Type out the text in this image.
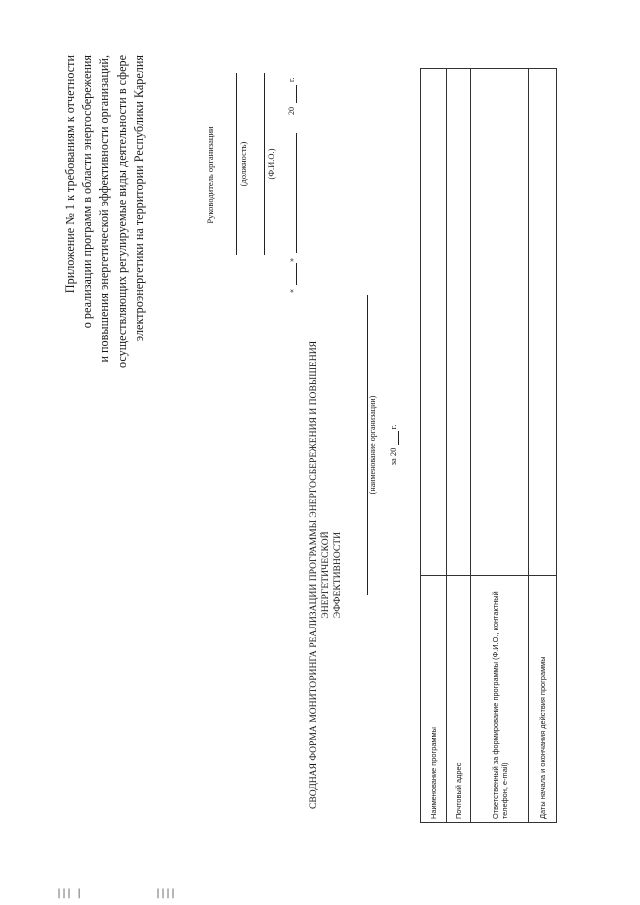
Приложение № 1 к требованиям к отчетности о реализации программ в области энергосбережения и повышения энергетической эффективности организаций, осуществляющих регулируемые виды деятельности в сфере электроэнергетики на территории Республики Карелия	Руководитель организации	(должность) (Ф.И.О.)
«
»
20
г.
СВОДНАЯ ФОРМА МОНИТОРИНГА РЕАЛИЗАЦИИ ПРОГРАММЫ ЭНЕРГОСБЕРЕЖЕНИЯ И ПОВЫШЕНИЯ ЭНЕРГЕТИЧЕСКОЙ ЭФФЕКТИВНОСТИ
(наименование организации) за 20   г.
Наименование программы	
Почтовый адрес	
Ответственный за формирование программы (Ф.И.О., контактный телефон, e-mail)	
Даты начала и окончания действия программы	
||| |	||||
